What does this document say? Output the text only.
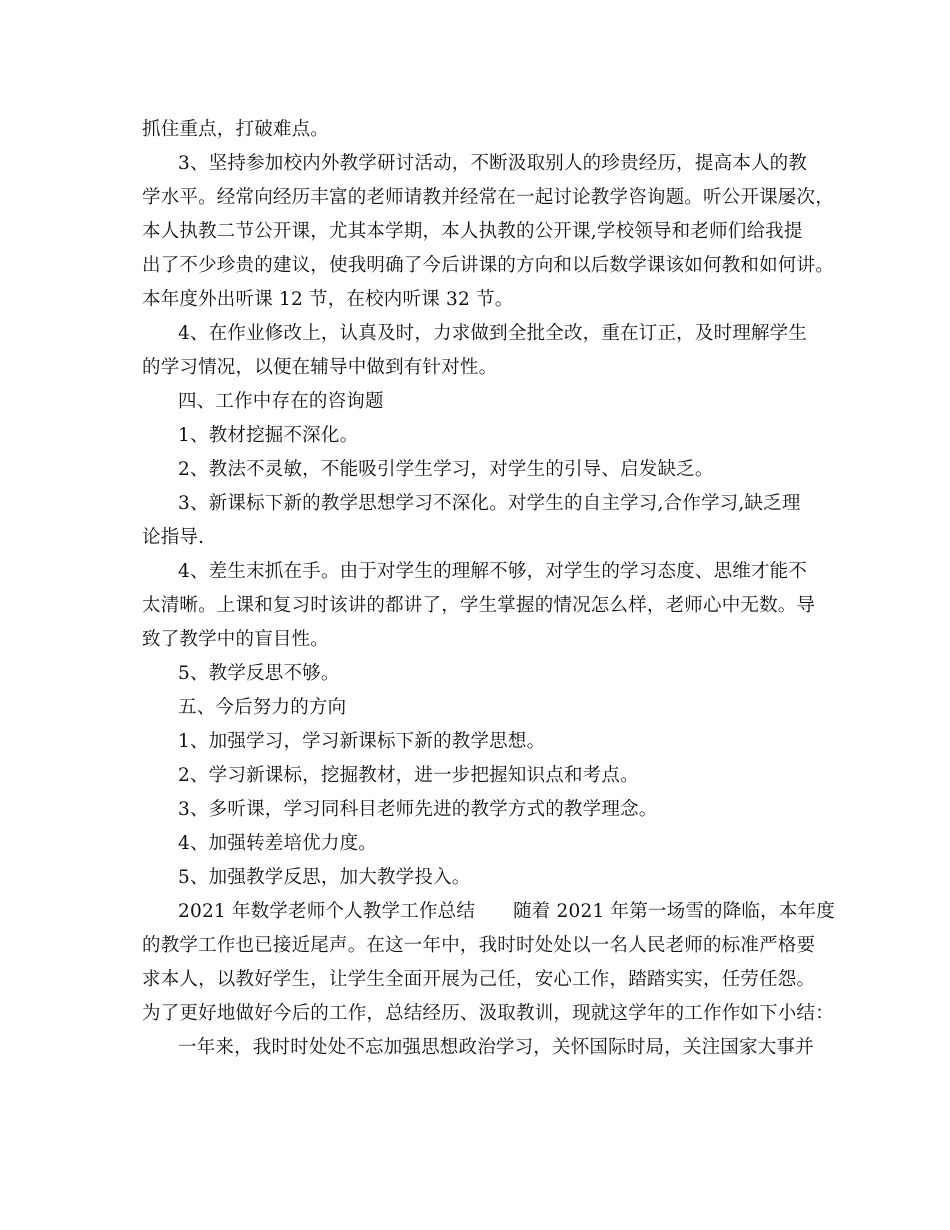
抓住重点，打破难点。
3、坚持参加校内外教学研讨活动，不断汲取别人的珍贵经历，提高本人的教
学水平。经常向经历丰富的老师请教并经常在一起讨论教学咨询题。听公开课屡次，
本人执教二节公开课，尤其本学期，本人执教的公开课,学校领导和老师们给我提
出了不少珍贵的建议，使我明确了今后讲课的方向和以后数学课该如何教和如何讲。
本年度外出听课 12 节，在校内听课 32 节。
4、在作业修改上，认真及时，力求做到全批全改，重在订正，及时理解学生
的学习情况，以便在辅导中做到有针对性。
四、工作中存在的咨询题
1、教材挖掘不深化。
2、教法不灵敏，不能吸引学生学习，对学生的引导、启发缺乏。
3、新课标下新的教学思想学习不深化。对学生的自主学习,合作学习,缺乏理
论指导.
4、差生末抓在手。由于对学生的理解不够，对学生的学习态度、思维才能不
太清晰。上课和复习时该讲的都讲了，学生掌握的情况怎么样，老师心中无数。导
致了教学中的盲目性。
5、教学反思不够。
五、今后努力的方向
1、加强学习，学习新课标下新的教学思想。
2、学习新课标，挖掘教材，进一步把握知识点和考点。
3、多听课，学习同科目老师先进的教学方式的教学理念。
4、加强转差培优力度。
5、加强教学反思，加大教学投入。
2021 年数学老师个人教学工作总结 随着 2021 年第一场雪的降临，本年度
的教学工作也已接近尾声。在这一年中，我时时处处以一名人民老师的标准严格要
求本人，以教好学生，让学生全面开展为己任，安心工作，踏踏实实，任劳任怨。
为了更好地做好今后的工作，总结经历、汲取教训，现就这学年的工作作如下小结：
一年来，我时时处处不忘加强思想政治学习，关怀国际时局，关注国家大事并
